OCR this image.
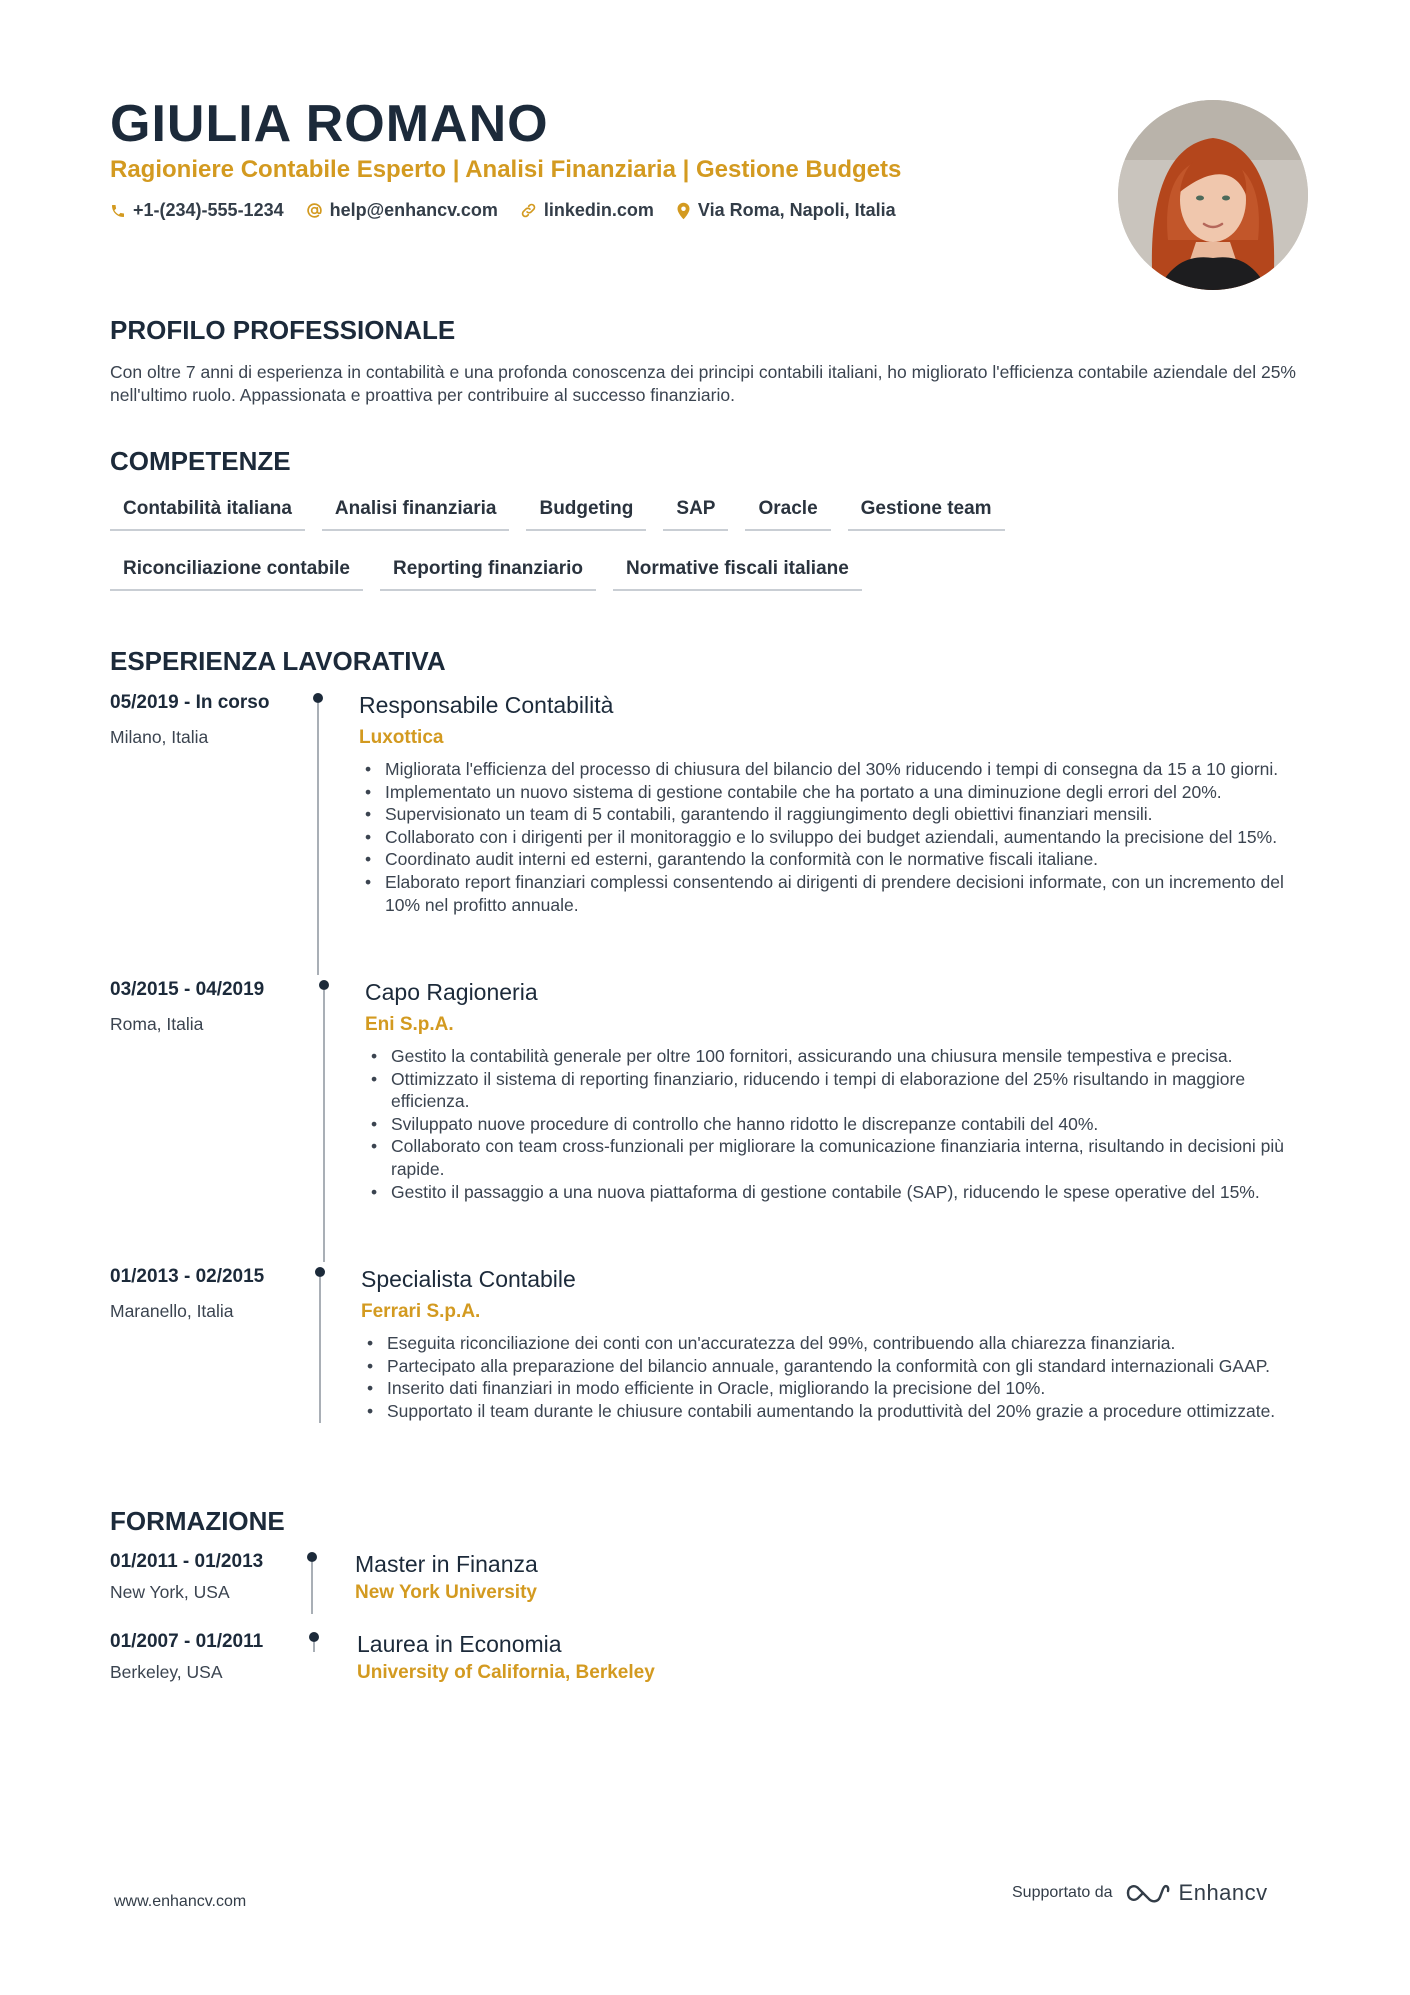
GIULIA ROMANO
Ragioniere Contabile Esperto | Analisi Finanziaria | Gestione Budgets
+1-(234)-555-1234	help@enhancv.com	linkedin.com Via Roma, Napoli, Italia
PROFILO PROFESSIONALE
Con oltre 7 anni di esperienza in contabilità e una profonda conoscenza dei principi contabili italiani, ho migliorato l'efficienza contabile aziendale del 25% nell'ultimo ruolo. Appassionata e proattiva per contribuire al successo finanziario.
COMPETENZE
Contabilità italiana	Analisi finanziaria	Budgeting	SAP	Oracle	Gestione team
Riconciliazione contabile	Reporting finanziario	Normative fiscali italiane
ESPERIENZA LAVORATIVA
05/2019 - In corso
Milano, Italia
Responsabile Contabilità
Luxottica
• Migliorata l'efficienza del processo di chiusura del bilancio del 30% riducendo i tempi di consegna da 15 a 10 giorni.
• Implementato un nuovo sistema di gestione contabile che ha portato a una diminuzione degli errori del 20%.
• Supervisionato un team di 5 contabili, garantendo il raggiungimento degli obiettivi finanziari mensili.
• Collaborato con i dirigenti per il monitoraggio e lo sviluppo dei budget aziendali, aumentando la precisione del 15%.
• Coordinato audit interni ed esterni, garantendo la conformità con le normative fiscali italiane.
• Elaborato report finanziari complessi consentendo ai dirigenti di prendere decisioni informate, con un incremento del 10% nel profitto annuale.
03/2015 - 04/2019
Roma, Italia
Capo Ragioneria
Eni S.p.A.
• Gestito la contabilità generale per oltre 100 fornitori, assicurando una chiusura mensile tempestiva e precisa.
• Ottimizzato il sistema di reporting finanziario, riducendo i tempi di elaborazione del 25% risultando in maggiore efficienza.
• Sviluppato nuove procedure di controllo che hanno ridotto le discrepanze contabili del 40%.
• Collaborato con team cross-funzionali per migliorare la comunicazione finanziaria interna, risultando in decisioni più rapide.
• Gestito il passaggio a una nuova piattaforma di gestione contabile (SAP), riducendo le spese operative del 15%.
01/2013 - 02/2015
Maranello, Italia
Specialista Contabile
Ferrari S.p.A.
• Eseguita riconciliazione dei conti con un'accuratezza del 99%, contribuendo alla chiarezza finanziaria.
• Partecipato alla preparazione del bilancio annuale, garantendo la conformità con gli standard internazionali GAAP.
• Inserito dati finanziari in modo efficiente in Oracle, migliorando la precisione del 10%.
• Supportato il team durante le chiusure contabili aumentando la produttività del 20% grazie a procedure ottimizzate.
FORMAZIONE
01/2011 - 01/2013
New York, USA
Master in Finanza
New York University
01/2007 - 01/2011
Berkeley, USA
Laurea in Economia
University of California, Berkeley
www.enhancv.com
Supportato da	Enhancv
